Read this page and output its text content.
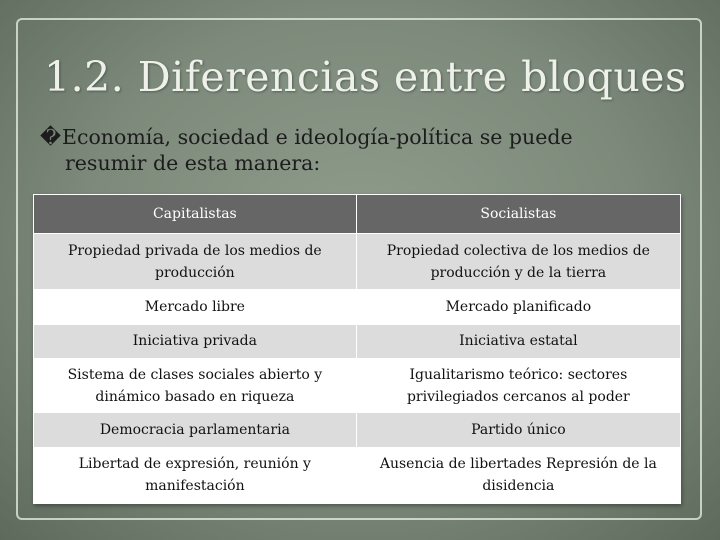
1.2. Diferencias entre bloques
�Economía, sociedad e ideología-política se puede
resumir de esta manera:
Capitalistas	Socialistas
Propiedad privada de los medios de producción	Propiedad colectiva de los medios de producción y de la tierra
Mercado libre	Mercado planificado
Iniciativa privada	Iniciativa estatal
Sistema de clases sociales abierto y dinámico basado en riqueza	Igualitarismo teórico: sectores privilegiados cercanos al poder
Democracia parlamentaria	Partido único
Libertad de expresión, reunión y manifestación	Ausencia de libertades Represión de la disidencia
